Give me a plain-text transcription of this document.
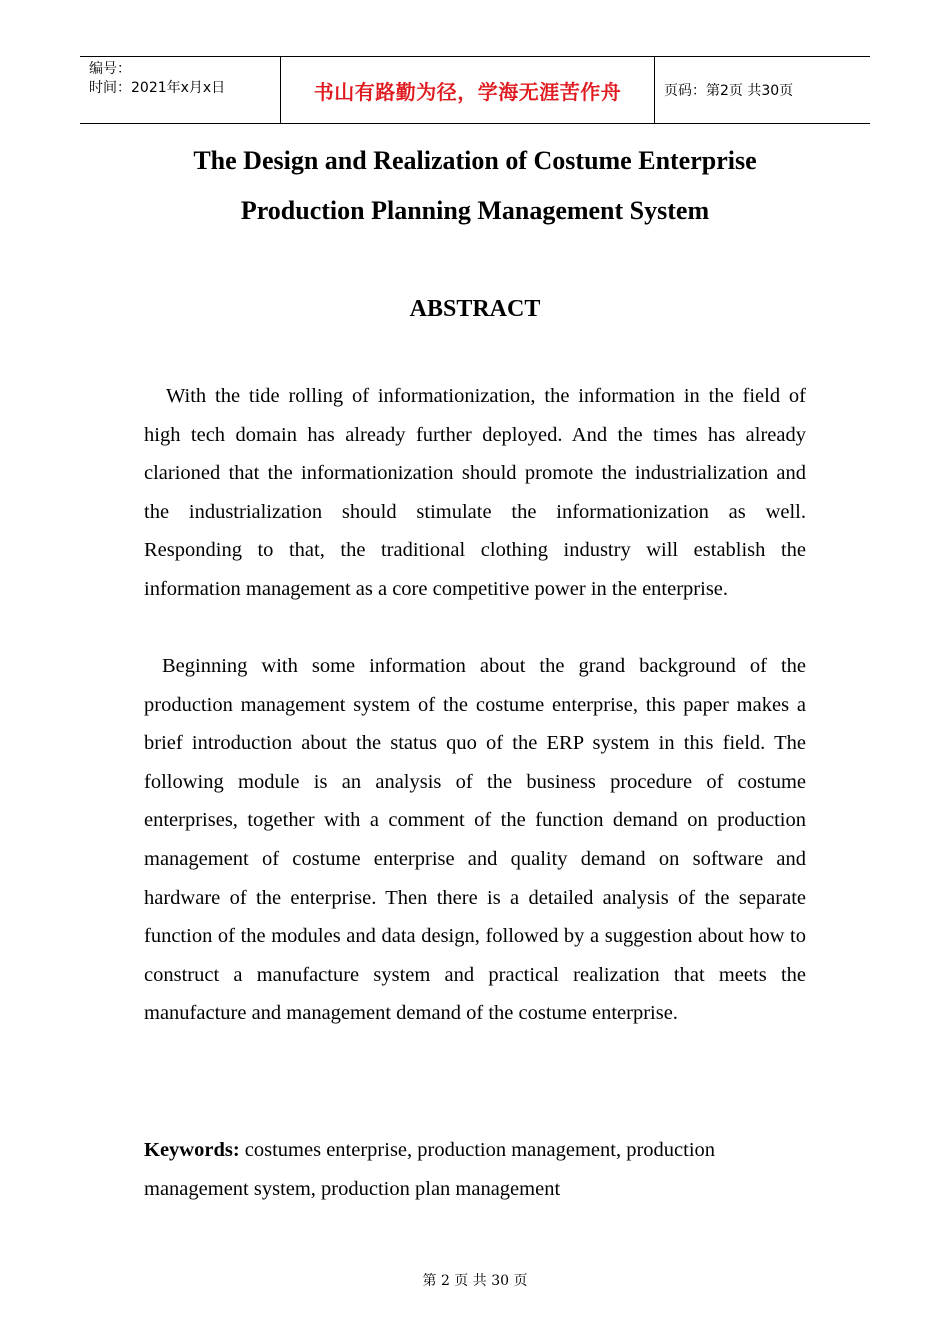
编号：
时间：2021年x月x日	书山有路勤为径，学海无涯苦作舟	页码：第2页 共30页
The Design and Realization of Costume Enterprise
Production Planning Management System
ABSTRACT

With the tide rolling of informationization, the information in the field of high tech domain has already further deployed. And the times has already clarioned that the informationization should promote the industrialization and the industrialization should stimulate the informationization as well. Responding to that, the traditional clothing industry will establish the information management as a core competitive power in the enterprise.

Beginning with some information about the grand background of the production management system of the costume enterprise, this paper makes a brief introduction about the status quo of the ERP system in this field. The following module is an analysis of the business procedure of costume enterprises, together with a comment of the function demand on production management of costume enterprise and quality demand on software and hardware of the enterprise. Then there is a detailed analysis of the separate function of the modules and data design, followed by a suggestion about how to construct a manufacture system and practical realization that meets the manufacture and management demand of the costume enterprise.

Keywords: costumes enterprise, production management, production
management system, production plan management
第 2 页 共 30 页
